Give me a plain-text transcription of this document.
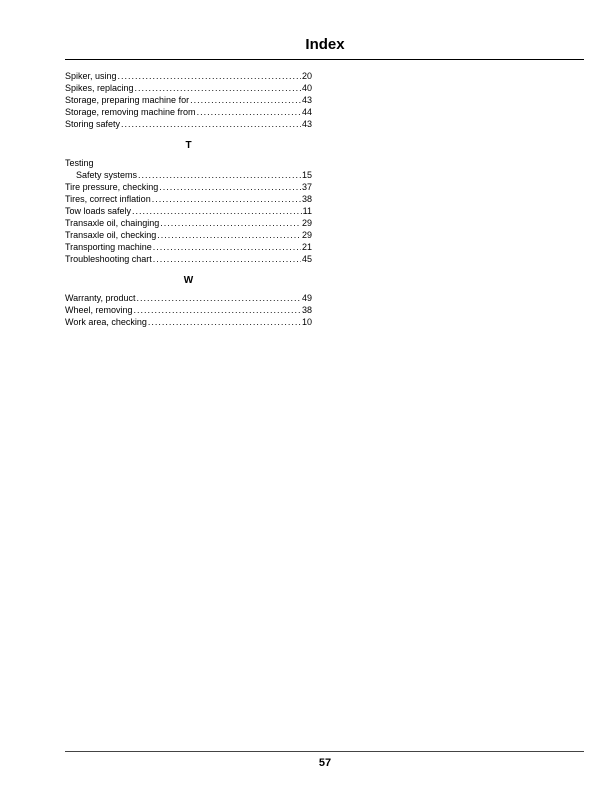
Index
Spiker, using .....	20
Spikes, replacing .....	40
Storage, preparing machine for .....	43
Storage, removing machine from .....	44
Storing safety .....	43
T
Testing
Safety systems .....	15
Tire pressure, checking .....	37
Tires, correct inflation .....	38
Tow loads safely .....	11
Transaxle oil, chainging .....	29
Transaxle oil, checking .....	29
Transporting machine .....	21
Troubleshooting chart .....	45
W
Warranty, product .....	49
Wheel, removing .....	38
Work area, checking .....	10
57
